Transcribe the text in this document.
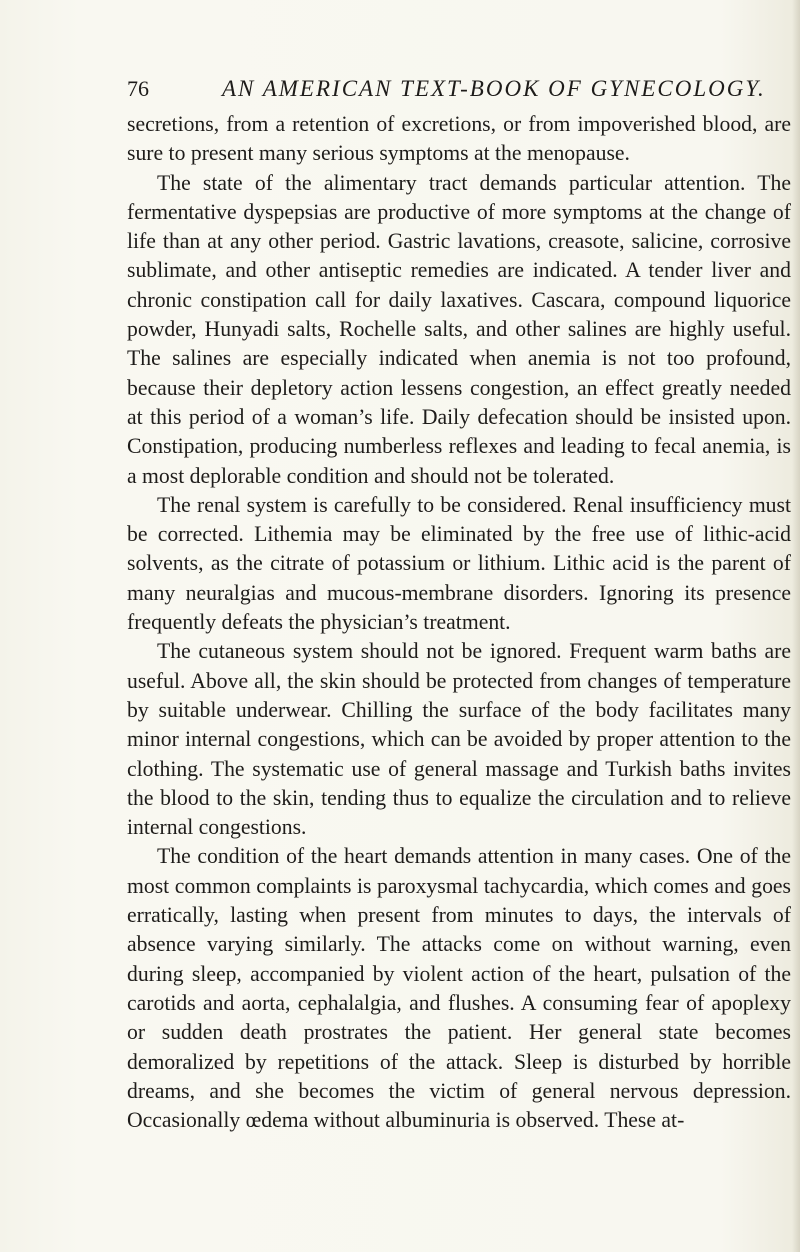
76	AN AMERICAN TEXT-BOOK OF GYNECOLOGY.

secretions, from a retention of excretions, or from impoverished blood, are sure to present many serious symptoms at the menopause.

The state of the alimentary tract demands particular attention. The fermentative dyspepsias are productive of more symptoms at the change of life than at any other period. Gastric lavations, creasote, salicine, corrosive sublimate, and other antiseptic remedies are indicated. A tender liver and chronic constipation call for daily laxatives. Cascara, compound liquorice powder, Hunyadi salts, Rochelle salts, and other salines are highly useful. The salines are especially indicated when anemia is not too profound, because their depletory action lessens congestion, an effect greatly needed at this period of a woman’s life. Daily defecation should be insisted upon. Constipation, producing numberless reflexes and leading to fecal anemia, is a most deplorable condition and should not be tolerated.

The renal system is carefully to be considered. Renal insufficiency must be corrected. Lithemia may be eliminated by the free use of lithic-acid solvents, as the citrate of potassium or lithium. Lithic acid is the parent of many neuralgias and mucous-membrane disorders. Ignoring its presence frequently defeats the physician’s treatment.

The cutaneous system should not be ignored. Frequent warm baths are useful. Above all, the skin should be protected from changes of temperature by suitable underwear. Chilling the surface of the body facilitates many minor internal congestions, which can be avoided by proper attention to the clothing. The systematic use of general massage and Turkish baths invites the blood to the skin, tending thus to equalize the circulation and to relieve internal congestions.

The condition of the heart demands attention in many cases. One of the most common complaints is paroxysmal tachycardia, which comes and goes erratically, lasting when present from minutes to days, the intervals of absence varying similarly. The attacks come on without warning, even during sleep, accompanied by violent action of the heart, pulsation of the carotids and aorta, cephalalgia, and flushes. A consuming fear of apoplexy or sudden death prostrates the patient. Her general state becomes demoralized by repetitions of the attack. Sleep is disturbed by horrible dreams, and she becomes the victim of general nervous depression. Occasionally œdema without albuminuria is observed. These at-
